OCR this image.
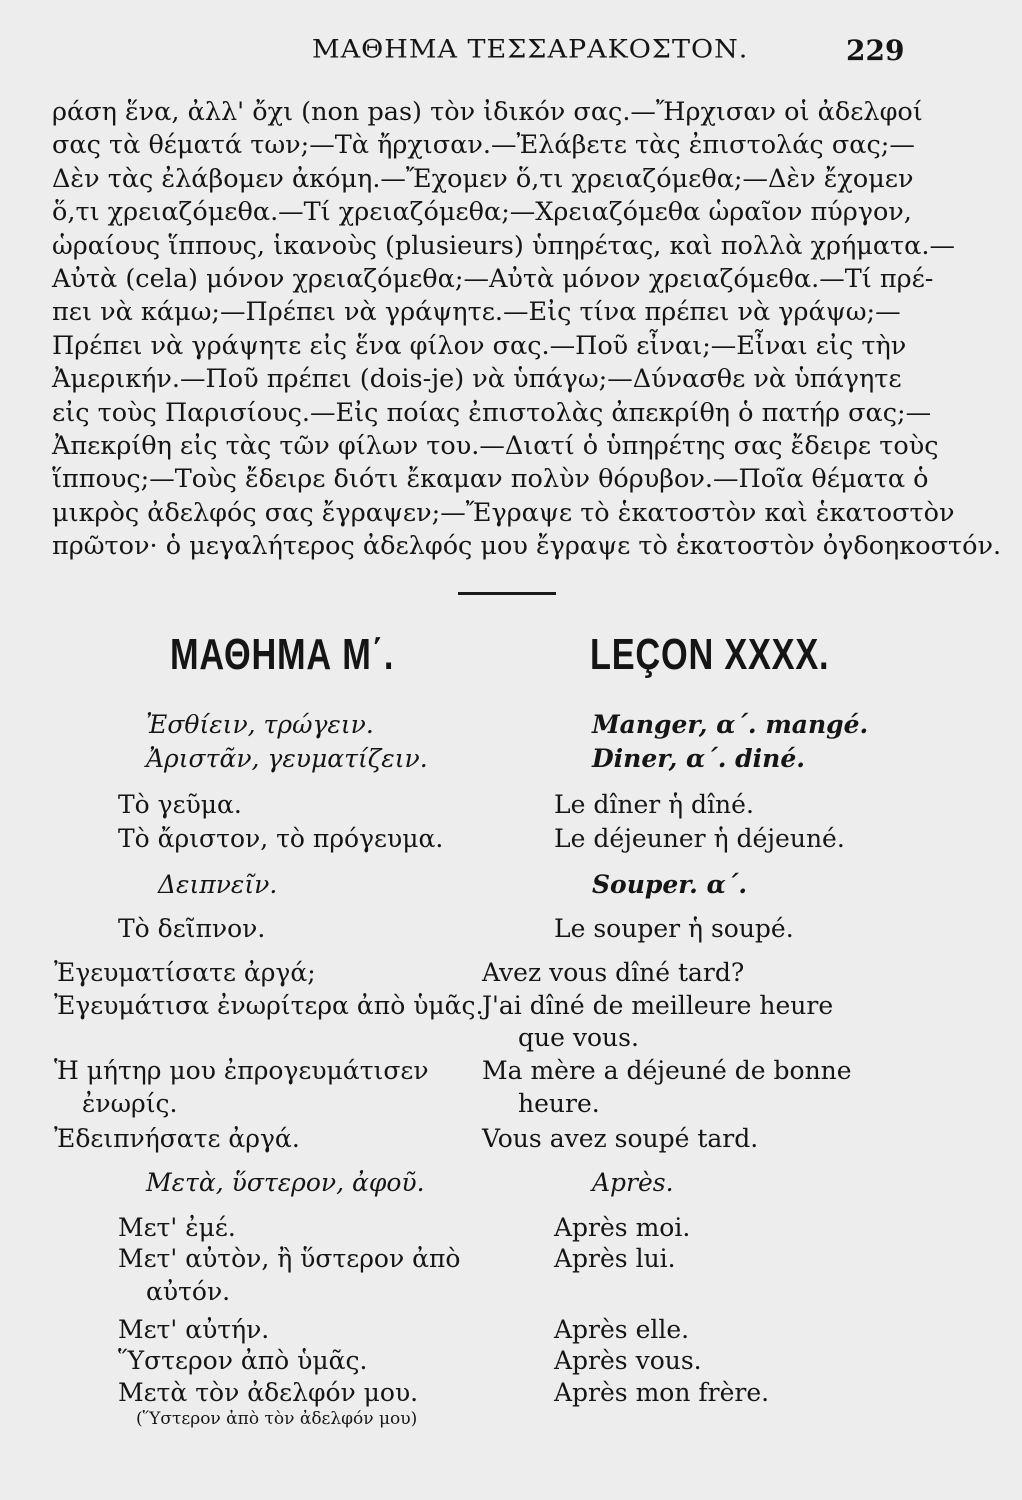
ΜΑΘΗΜΑ ΤΕΣΣΑΡΑΚΟΣΤΟΝ.	229
ράση ἕνα, ἀλλ' ὄχι (non pas) τὸν ἰδικόν σας.—Ἤρχισαν οἱ ἀδελφοί
σας τὰ θέματά των;—Τὰ ἤρχισαν.—Ἐλάβετε τὰς ἐπιστολάς σας;—
Δὲν τὰς ἐλάβομεν ἀκόμη.—Ἔχομεν ὅ,τι χρειαζόμεθα;—Δὲν ἔχομεν
ὅ,τι χρειαζόμεθα.—Τί χρειαζόμεθα;—Χρειαζόμεθα ὡραῖον πύργον,
ὡραίους ἵππους, ἱκανοὺς (plusieurs) ὑπηρέτας, καὶ πολλὰ χρήματα.—
Αὐτὰ (cela) μόνον χρειαζόμεθα;—Αὐτὰ μόνον χρειαζόμεθα.—Τί πρέ-
πει νὰ κάμω;—Πρέπει νὰ γράψητε.—Εἰς τίνα πρέπει νὰ γράψω;—
Πρέπει νὰ γράψητε εἰς ἕνα φίλον σας.—Ποῦ εἶναι;—Εἶναι εἰς τὴν
Ἀμερικήν.—Ποῦ πρέπει (dois-je) νὰ ὑπάγω;—Δύνασθε νὰ ὑπάγητε
εἰς τοὺς Παρισίους.—Εἰς ποίας ἐπιστολὰς ἀπεκρίθη ὁ πατήρ σας;—
Ἀπεκρίθη εἰς τὰς τῶν φίλων του.—Διατί ὁ ὑπηρέτης σας ἔδειρε τοὺς
ἵππους;—Τοὺς ἔδειρε διότι ἔκαμαν πολὺν θόρυβον.—Ποῖα θέματα ὁ
μικρὸς ἀδελφός σας ἔγραψεν;—Ἔγραψε τὸ ἑκατοστὸν καὶ ἑκατοστὸν
πρῶτον· ὁ μεγαλήτερος ἀδελφός μου ἔγραψε τὸ ἑκατοστὸν ὀγδοηκοστόν.
ΜΑΘΗΜΑ Μ΄.	LEÇON XXXX.
Ἐσθίειν, τρώγειν.
Ἀριστᾶν, γευματίζειν.
Τὸ γεῦμα.
Τὸ ἄριστον, τὸ πρόγευμα.
Δειπνεῖν.
Τὸ δεῖπνον.
Ἐγευματίσατε ἀργά;
Ἐγευμάτισα ἐνωρίτερα ἀπὸ ὑμᾶς.
Ἡ μήτηρ μου ἐπρογευμάτισεν
ἐνωρίς.
Ἐδειπνήσατε ἀργά.
Μετὰ, ὕστερον, ἀφοῦ.
Μετ' ἐμέ.
Μετ' αὐτὸν, ἢ ὕστερον ἀπὸ
αὐτόν.
Μετ' αὐτήν.
Ὕστερον ἀπὸ ὑμᾶς.
Μετὰ τὸν ἀδελφόν μου.
(Ὕστερον ἀπὸ τὸν ἀδελφόν μου)
Manger, α΄. mangé.
Diner, α΄. diné.
Le dîner ἡ dîné.
Le déjeuner ἡ déjeuné.
Souper. α΄.
Le souper ἡ soupé.
Avez vous dîné tard?
J'ai dîné de meilleure heure
que vous.
Ma mère a déjeuné de bonne
heure.
Vous avez soupé tard.
Après.
Après moi.
Après lui.
Après elle.
Après vous.
Après mon frère.
